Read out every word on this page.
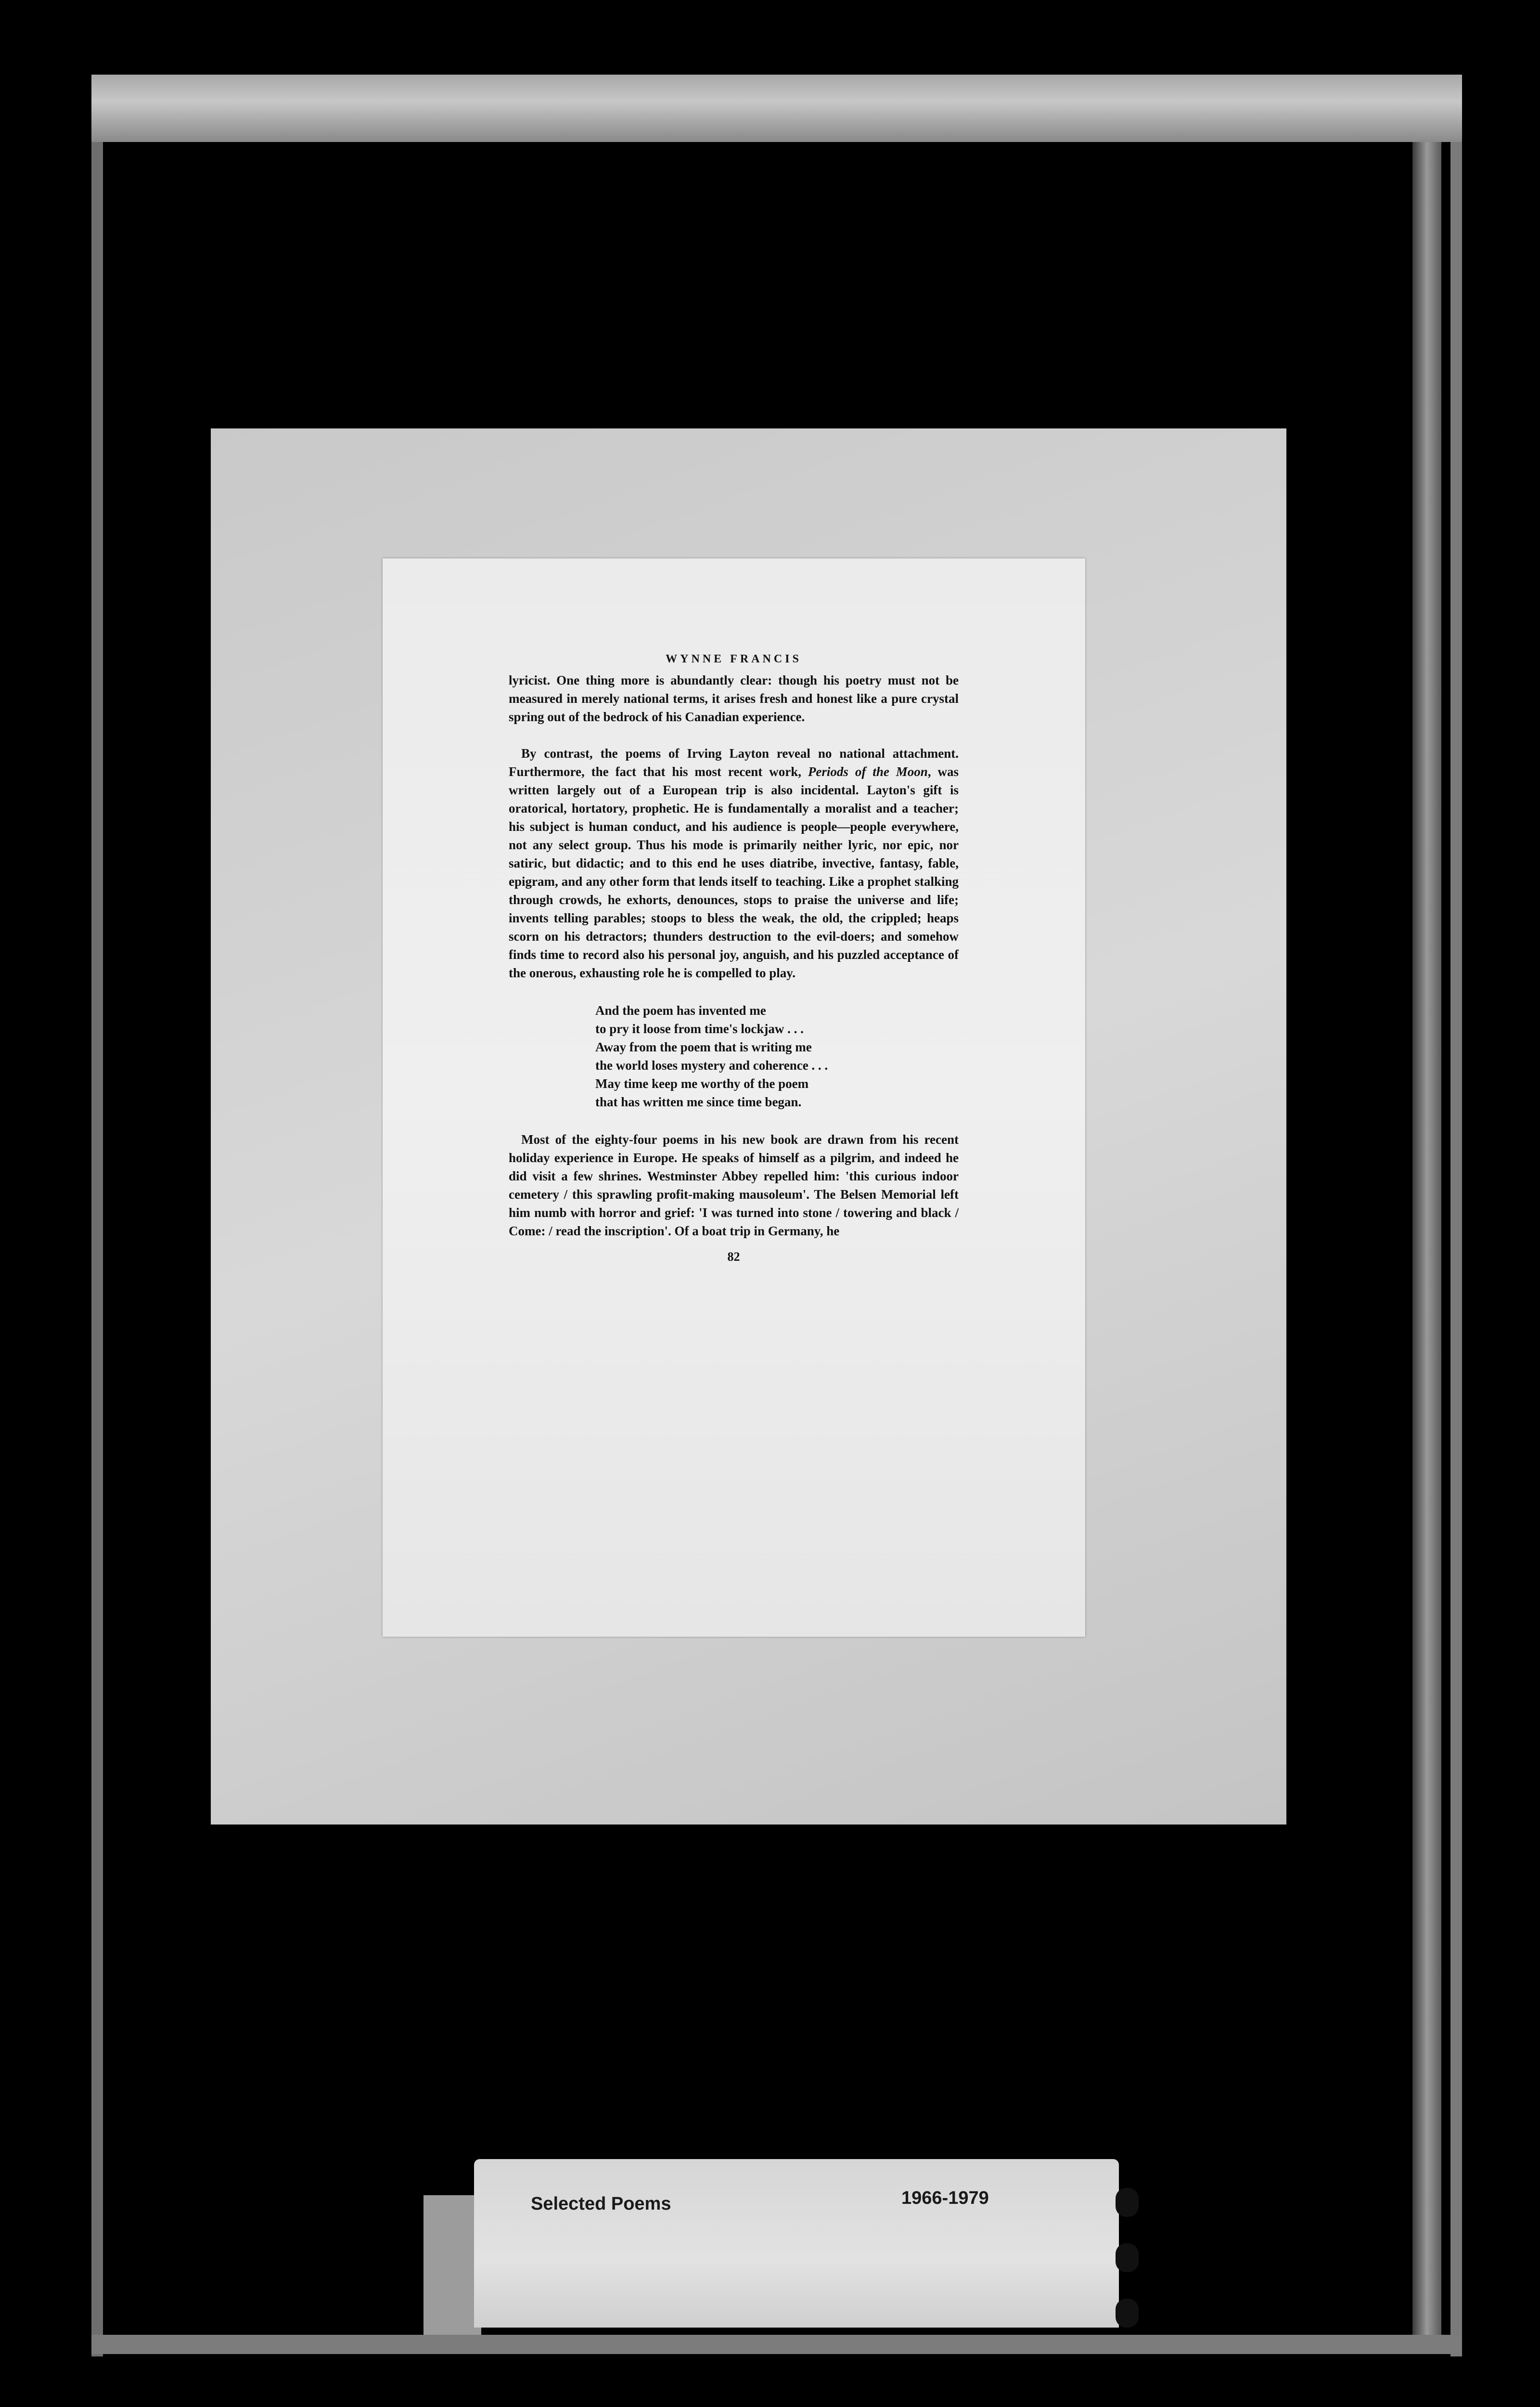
WYNNE FRANCIS

lyricist. One thing more is abundantly clear: though his poetry must not be measured in merely national terms, it arises fresh and honest like a pure crystal spring out of the bedrock of his Canadian experience.

By contrast, the poems of Irving Layton reveal no national attachment. Furthermore, the fact that his most recent work, Periods of the Moon, was written largely out of a European trip is also incidental. Layton's gift is oratorical, hortatory, prophetic. He is fundamentally a moralist and a teacher; his subject is human conduct, and his audience is people—people everywhere, not any select group. Thus his mode is primarily neither lyric, nor epic, nor satiric, but didactic; and to this end he uses diatribe, invective, fantasy, fable, epigram, and any other form that lends itself to teaching. Like a prophet stalking through crowds, he exhorts, denounces, stops to praise the universe and life; invents telling parables; stoops to bless the weak, the old, the crippled; heaps scorn on his detractors; thunders destruction to the evil-doers; and somehow finds time to record also his personal joy, anguish, and his puzzled acceptance of the onerous, exhausting role he is compelled to play.

And the poem has invented me
to pry it loose from time's lockjaw . . .
Away from the poem that is writing me
the world loses mystery and coherence . . .
May time keep me worthy of the poem
that has written me since time began.

Most of the eighty-four poems in his new book are drawn from his recent holiday experience in Europe. He speaks of himself as a pilgrim, and indeed he did visit a few shrines. Westminster Abbey repelled him: 'this curious indoor cemetery / this sprawling profit-making mausoleum'. The Belsen Memorial left him numb with horror and grief: 'I was turned into stone / towering and black / Come: / read the inscription'. Of a boat trip in Germany, he

82
Selected Poems	1966-1979
